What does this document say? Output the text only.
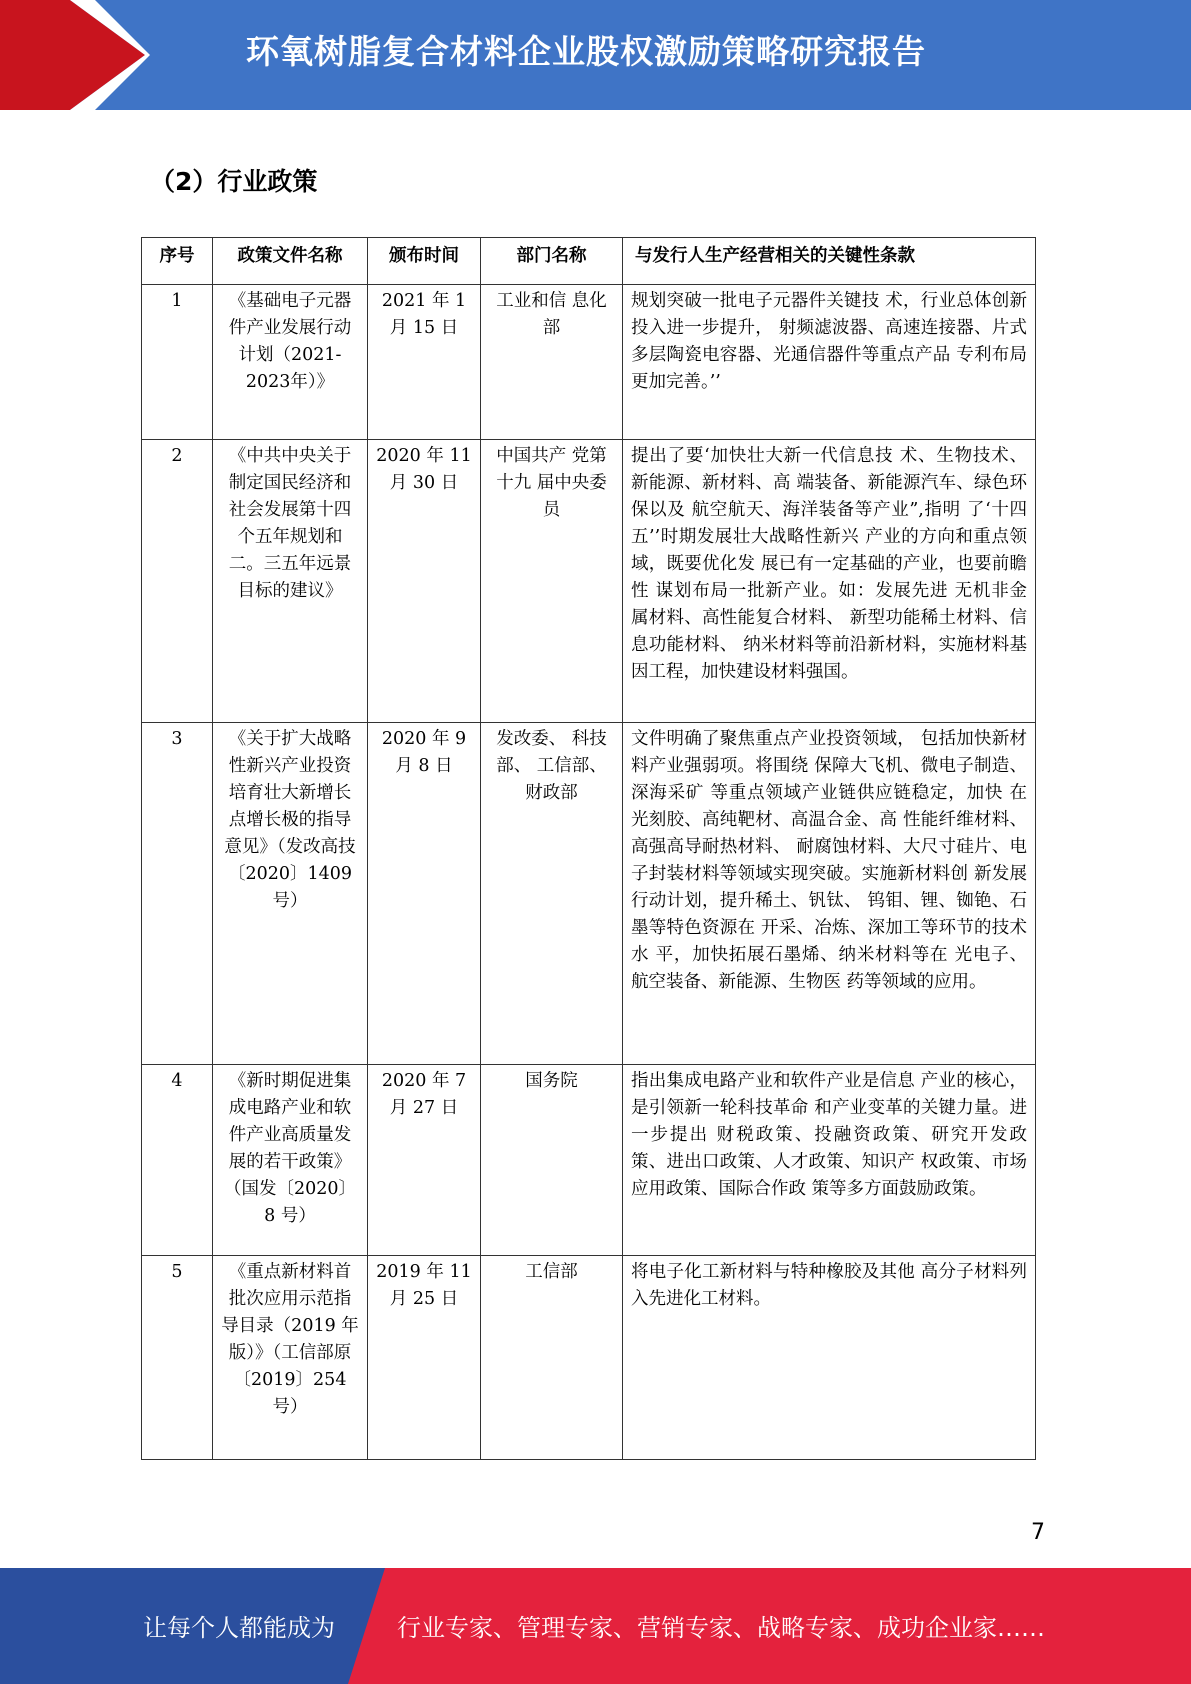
环氧树脂复合材料企业股权激励策略研究报告
（2）行业政策
序号	政策文件名称	颁布时间	部门名称	与发行人生产经营相关的关键性条款
1	《基础电子元器件产业发展行动计划（2021-2023年）》	2021 年 1 月 15 日	工业和信 息化部	规划突破一批电子元器件关键技 术，行业总体创新投入进一步提升， 射频滤波器、高速连接器、片式多层陶瓷电容器、光通信器件等重点产品 专利布局更加完善。’’
2	《中共中央关于制定国民经济和社会发展第十四个五年规划和二。三五年远景目标的建议》	2020 年 11 月 30 日	中国共产 党第十九 届中央委 员	提出了要‘加快壮大新一代信息技 术、生物技术、新能源、新材料、高 端装备、新能源汽车、绿色环保以及 航空航天、海洋装备等产业”,指明 了‘十四五’’时期发展壮大战略性新兴 产业的方向和重点领域，既要优化发 展已有一定基础的产业，也要前瞻性 谋划布局一批新产业。如：发展先进 无机非金属材料、高性能复合材料、 新型功能稀土材料、信息功能材料、 纳米材料等前沿新材料，实施材料基 因工程，加快建设材料强国。
3	《关于扩大战略性新兴产业投资培育壮大新增长点增长极的指导意见》（发改高技〔2020〕1409 号）	2020 年 9 月 8 日	发改委、 科技部、 工信部、 财政部	文件明确了聚焦重点产业投资领域， 包括加快新材料产业强弱项。将围绕 保障大飞机、微电子制造、深海采矿 等重点领域产业链供应链稳定，加快 在光刻胶、高纯靶材、高温合金、高 性能纤维材料、高强高导耐热材料、 耐腐蚀材料、大尺寸硅片、电子封装材料等领域实现突破。实施新材料创 新发展行动计划，提升稀土、钒钛、 钨钼、锂、铷铯、石墨等特色资源在 开采、冶炼、深加工等环节的技术水 平，加快拓展石墨烯、纳米材料等在 光电子、航空装备、新能源、生物医 药等领域的应用。
4	《新时期促进集成电路产业和软件产业高质量发展的若干政策》（国发〔2020〕 8 号）	2020 年 7 月 27 日	国务院	指出集成电路产业和软件产业是信息 产业的核心，是引领新一轮科技革命 和产业变革的关键力量。进一步提出 财税政策、投融资政策、研究开发政 策、进出口政策、人才政策、知识产 权政策、市场应用政策、国际合作政 策等多方面鼓励政策。
5	《重点新材料首批次应用示范指导目录（2019 年版）》（工信部原〔2019〕254 号）	2019 年 11 月 25 日	工信部	将电子化工新材料与特种橡胶及其他 高分子材料列入先进化工材料。
7
让每个人都能成为	行业专家、管理专家、营销专家、战略专家、成功企业家……
